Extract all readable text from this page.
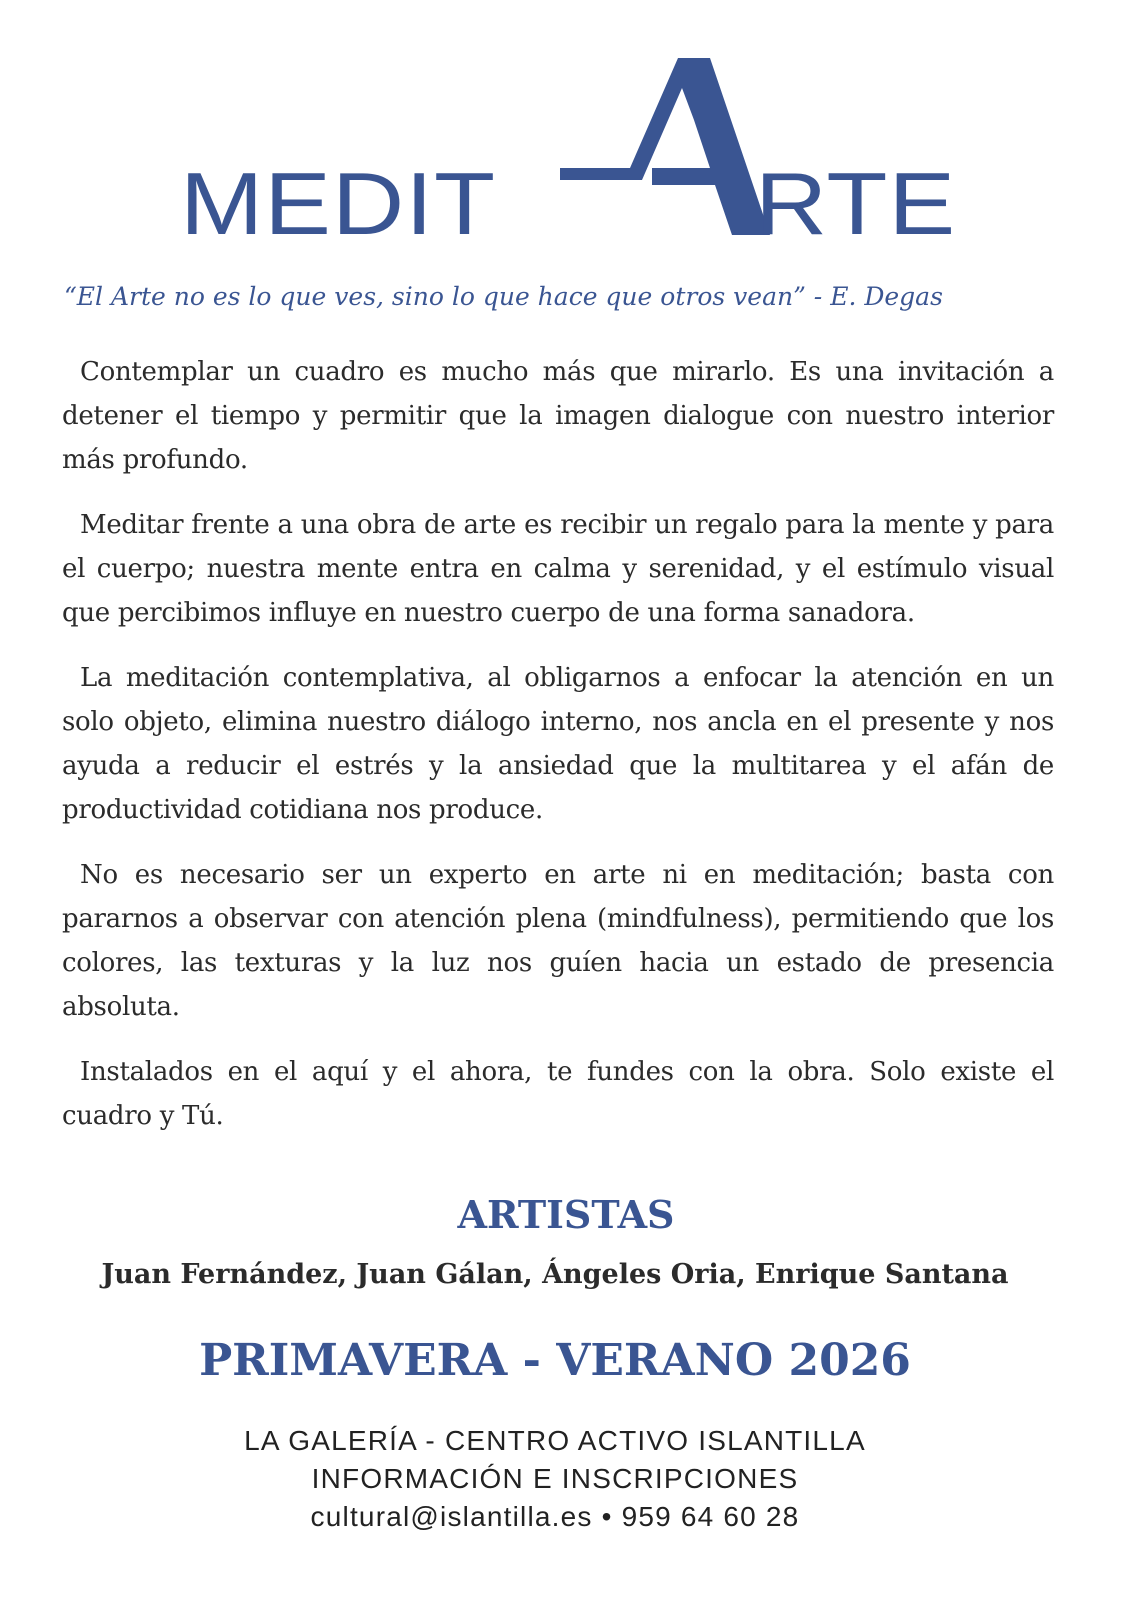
MEDIT	RTE
“El Arte no es lo que ves, sino lo que hace que otros vean” - E. Degas

Contemplar un cuadro es mucho más que mirarlo. Es una invitación a detener el tiempo y permitir que la imagen dialogue con nuestro interior más profundo.

Meditar frente a una obra de arte es recibir un regalo para la mente y para el cuerpo; nuestra mente entra en calma y serenidad, y el estímulo visual que percibimos influye en nuestro cuerpo de una forma sanadora.

La meditación contemplativa, al obligarnos a enfocar la atención en un solo objeto, elimina nuestro diálogo interno, nos ancla en el presente y nos ayuda a reducir el estrés y la ansiedad que la multitarea y el afán de productividad cotidiana nos produce.

No es necesario ser un experto en arte ni en meditación; basta con pararnos a observar con atención plena (mindfulness), permitiendo que los colores, las texturas y la luz nos guíen hacia un estado de presencia absoluta.

Instalados en el aquí y el ahora, te fundes con la obra. Solo existe el cuadro y Tú.

ARTISTAS
Juan Fernández, Juan Gálan, Ángeles Oria, Enrique Santana
PRIMAVERA - VERANO 2026
LA GALERÍA - CENTRO ACTIVO ISLANTILLA
INFORMACIÓN E INSCRIPCIONES
cultural@islantilla.es • 959 64 60 28
